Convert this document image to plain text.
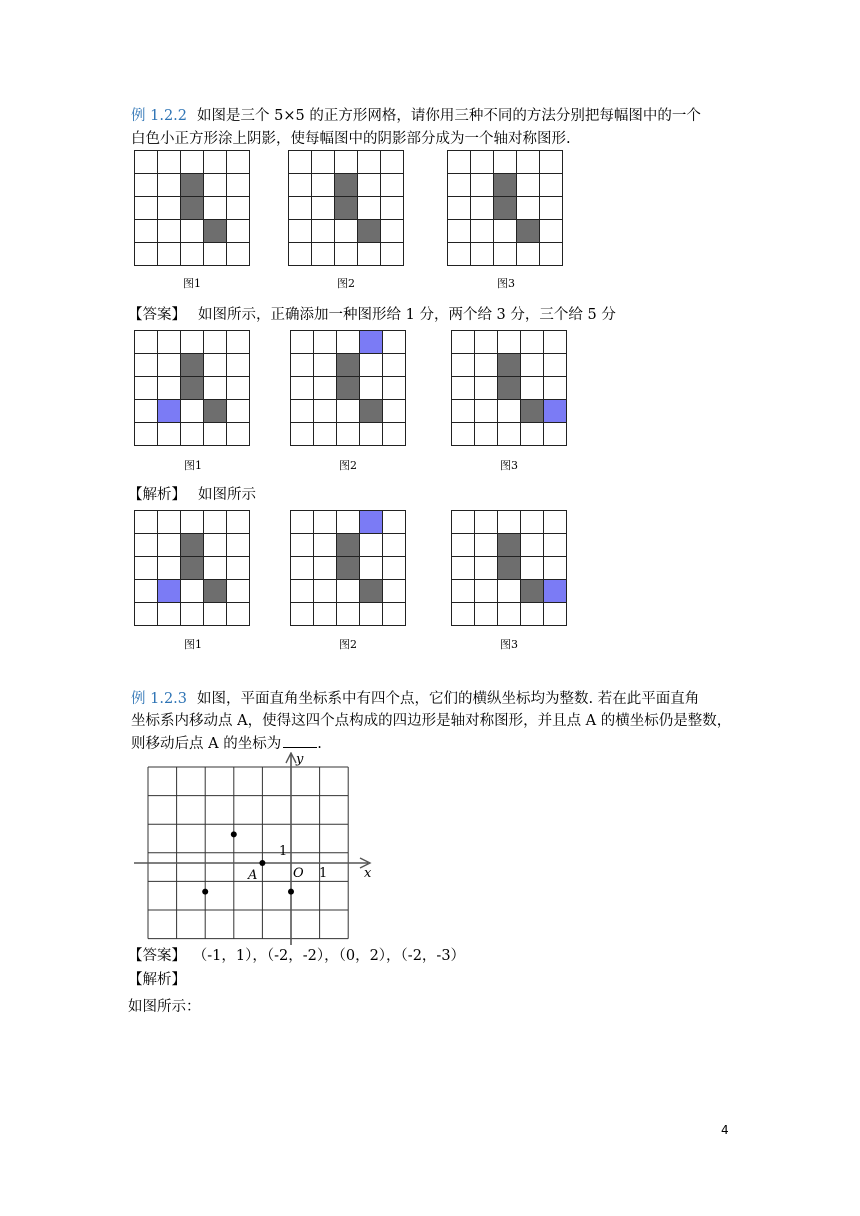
例 1.2.2 如图是三个 5×5 的正方形网格，请你用三种不同的方法分别把每幅图中的一个
白色小正方形涂上阴影，使每幅图中的阴影部分成为一个轴对称图形.
图1	图2	图3
【答案】 如图所示，正确添加一种图形给 1 分，两个给 3 分，三个给 5 分
图1	图2	图3
【解析】 如图所示
图1	图2	图3
例 1.2.3 如图，平面直角坐标系中有四个点，它们的横纵坐标均为整数. 若在此平面直角
坐标系内移动点 A，使得这四个点构成的四边形是轴对称图形，并且点 A 的横坐标仍是整数，
则移动后点 A 的坐标为 .
x
y
O 1
1
A
【答案】 （-1，1），（-2，-2），（0，2），（-2，-3）
【解析】
如图所示：
4
